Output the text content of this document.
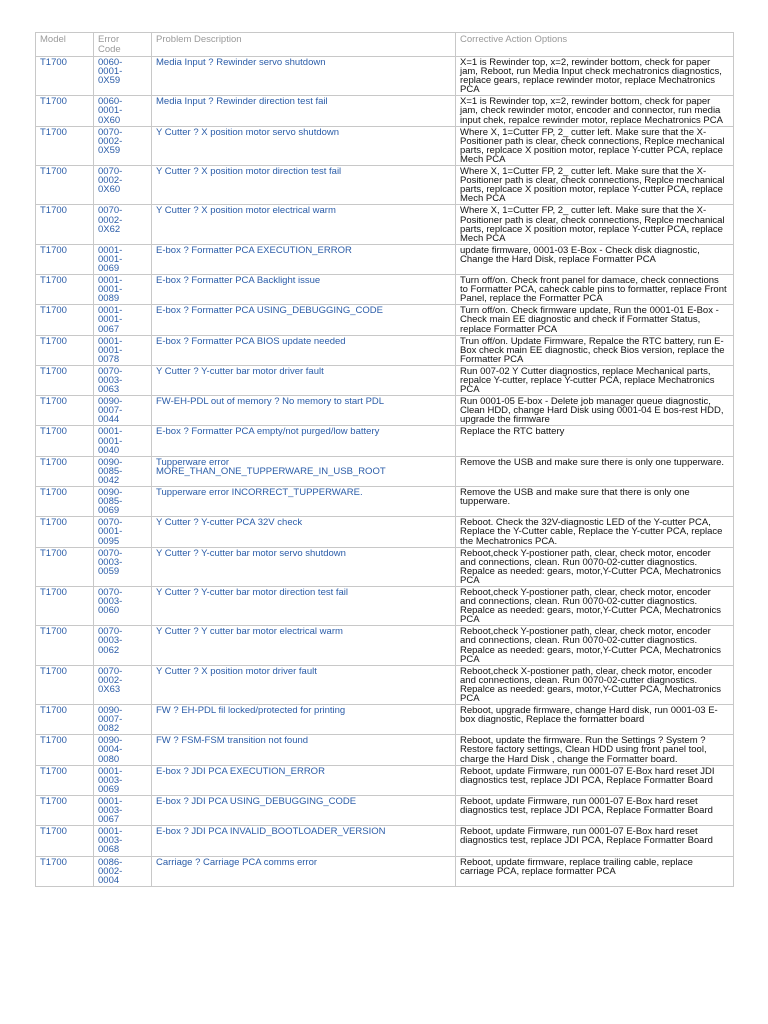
Model	Error
Code	Problem Description	Corrective Action Options
T1700	0060-
0001-
0X59	Media Input ? Rewinder servo shutdown	X=1 is Rewinder top, x=2, rewinder bottom, check for paper jam, Reboot, run Media Input check mechatronics diagnostics, replace gears, replace rewinder motor, replace Mechatronics PCA
T1700	0060-
0001-
0X60	Media Input ? Rewinder direction test fail	X=1 is Rewinder top, x=2, rewinder bottom, check for paper jam, check rewinder motor, encoder and connector, run media input chek, repalce rewinder motor, replace Mechatronics PCA
T1700	0070-
0002-
0X59	Y Cutter ? X position motor servo shutdown	Where X, 1=Cutter FP, 2_ cutter left. Make sure that the X-Positioner path is clear, check connections, Replce mechanical parts, replcace X position motor, replace Y-cutter PCA, replace Mech PCA
T1700	0070-
0002-
0X60	Y Cutter ? X position motor direction test fail	Where X, 1=Cutter FP, 2_ cutter left. Make sure that the X-Positioner path is clear, check connections, Replce mechanical parts, replcace X position motor, replace Y-cutter PCA, replace Mech PCA
T1700	0070-
0002-
0X62	Y Cutter ? X position motor electrical warm	Where X, 1=Cutter FP, 2_ cutter left. Make sure that the X-Positioner path is clear, check connections, Replce mechanical parts, replcace X position motor, replace Y-cutter PCA, replace Mech PCA
T1700	0001-
0001-
0069	E-box ? Formatter PCA EXECUTION_ERROR	update firmware, 0001-03 E-Box - Check disk diagnostic, Change the Hard Disk, replace Formatter PCA
T1700	0001-
0001-
0089	E-box ? Formatter PCA Backlight issue	Turn off/on. Check front panel for damace, check connections to Formatter PCA, caheck cable pins to formatter, replace Front Panel, replace the Formatter PCA
T1700	0001-
0001-
0067	E-box ? Formatter PCA USING_DEBUGGING_CODE	Turn off/on. Check firmware update, Run the 0001-01 E-Box - Check main EE diagnostic and check if Formatter Status, replace Formatter PCA
T1700	0001-
0001-
0078	E-box ? Formatter PCA BIOS update needed	Trun off/on. Update Firmware, Repalce the RTC battery, run E-Box check main EE diagnostic, check Bios version, replace the Formatter PCA
T1700	0070-
0003-
0063	Y Cutter ? Y-cutter bar motor driver fault	Run 007-02 Y Cutter diagnostics, replace Mechanical parts, repalce Y-cutter, replace Y-cutter PCA, replace Mechatronics PCA
T1700	0090-
0007-
0044	FW-EH-PDL out of memory ? No memory to start PDL	Run 0001-05 E-box - Delete job manager queue diagnostic, Clean HDD, change Hard Disk using 0001-04 E bos-rest HDD, upgrade the firmware
T1700	0001-
0001-
0040	E-box ? Formatter PCA empty/not purged/low battery	Replace the RTC battery
T1700	0090-
0085-
0042	Tupperware error
MORE_THAN_ONE_TUPPERWARE_IN_USB_ROOT	Remove the USB and make sure there is only one tupperware.
T1700	0090-
0085-
0069	Tupperware error INCORRECT_TUPPERWARE.	Remove the USB and make sure that there is only one tupperware.
T1700	0070-
0001-
0095	Y Cutter ? Y-cutter PCA 32V check	Reboot. Check the 32V-diagnostic LED of the Y-cutter PCA, Replace the Y-Cutter cable, Replace the Y-cutter PCA, replace the Mechatronics PCA.
T1700	0070-
0003-
0059	Y Cutter ? Y-cutter bar motor servo shutdown	Reboot,check Y-postioner path, clear, check motor, encoder and connections, clean. Run 0070-02-cutter diagnostics. Repalce as needed: gears, motor,Y-Cutter PCA, Mechatronics PCA
T1700	0070-
0003-
0060	Y Cutter ? Y-cutter bar motor direction test fail	Reboot,check Y-postioner path, clear, check motor, encoder and connections, clean. Run 0070-02-cutter diagnostics. Repalce as needed: gears, motor,Y-Cutter PCA, Mechatronics PCA
T1700	0070-
0003-
0062	Y Cutter ? Y cutter bar motor electrical warm	Reboot,check Y-postioner path, clear, check motor, encoder and connections, clean. Run 0070-02-cutter diagnostics. Repalce as needed: gears, motor,Y-Cutter PCA, Mechatronics PCA
T1700	0070-
0002-
0X63	Y Cutter ? X position motor driver fault	Reboot,check X-postioner path, clear, check motor, encoder and connections, clean. Run 0070-02-cutter diagnostics. Repalce as needed: gears, motor,Y-Cutter PCA, Mechatronics PCA
T1700	0090-
0007-
0082	FW ? EH-PDL fil locked/protected for printing	Reboot, upgrade firmware, change Hard disk, run 0001-03 E-box diagnostic, Replace the formatter board
T1700	0090-
0004-
0080	FW ? FSM-FSM transition not found	Reboot, update the firmware. Run the Settings ? System ?Restore factory settings, Clean HDD using front panel tool, charge the Hard Disk , change the Formatter board.
T1700	0001-
0003-
0069	E-box ? JDI PCA EXECUTION_ERROR	Reboot, update Firmware, run 0001-07 E-Box hard reset JDI diagnostics test, replace JDI PCA, Replace Formatter Board
T1700	0001-
0003-
0067	E-box ? JDI PCA USING_DEBUGGING_CODE	Reboot, update Firmware, run 0001-07 E-Box hard reset diagnostics test, replace JDI PCA, Replace Formatter Board
T1700	0001-
0003-
0068	E-box ? JDI PCA INVALID_BOOTLOADER_VERSION	Reboot, update Firmware, run 0001-07 E-Box hard reset diagnostics test, replace JDI PCA, Replace Formatter Board
T1700	0086-
0002-
0004	Carriage ? Carriage PCA comms error	Reboot, update firmware, replace trailing cable, replace carriage PCA, replace formatter PCA
